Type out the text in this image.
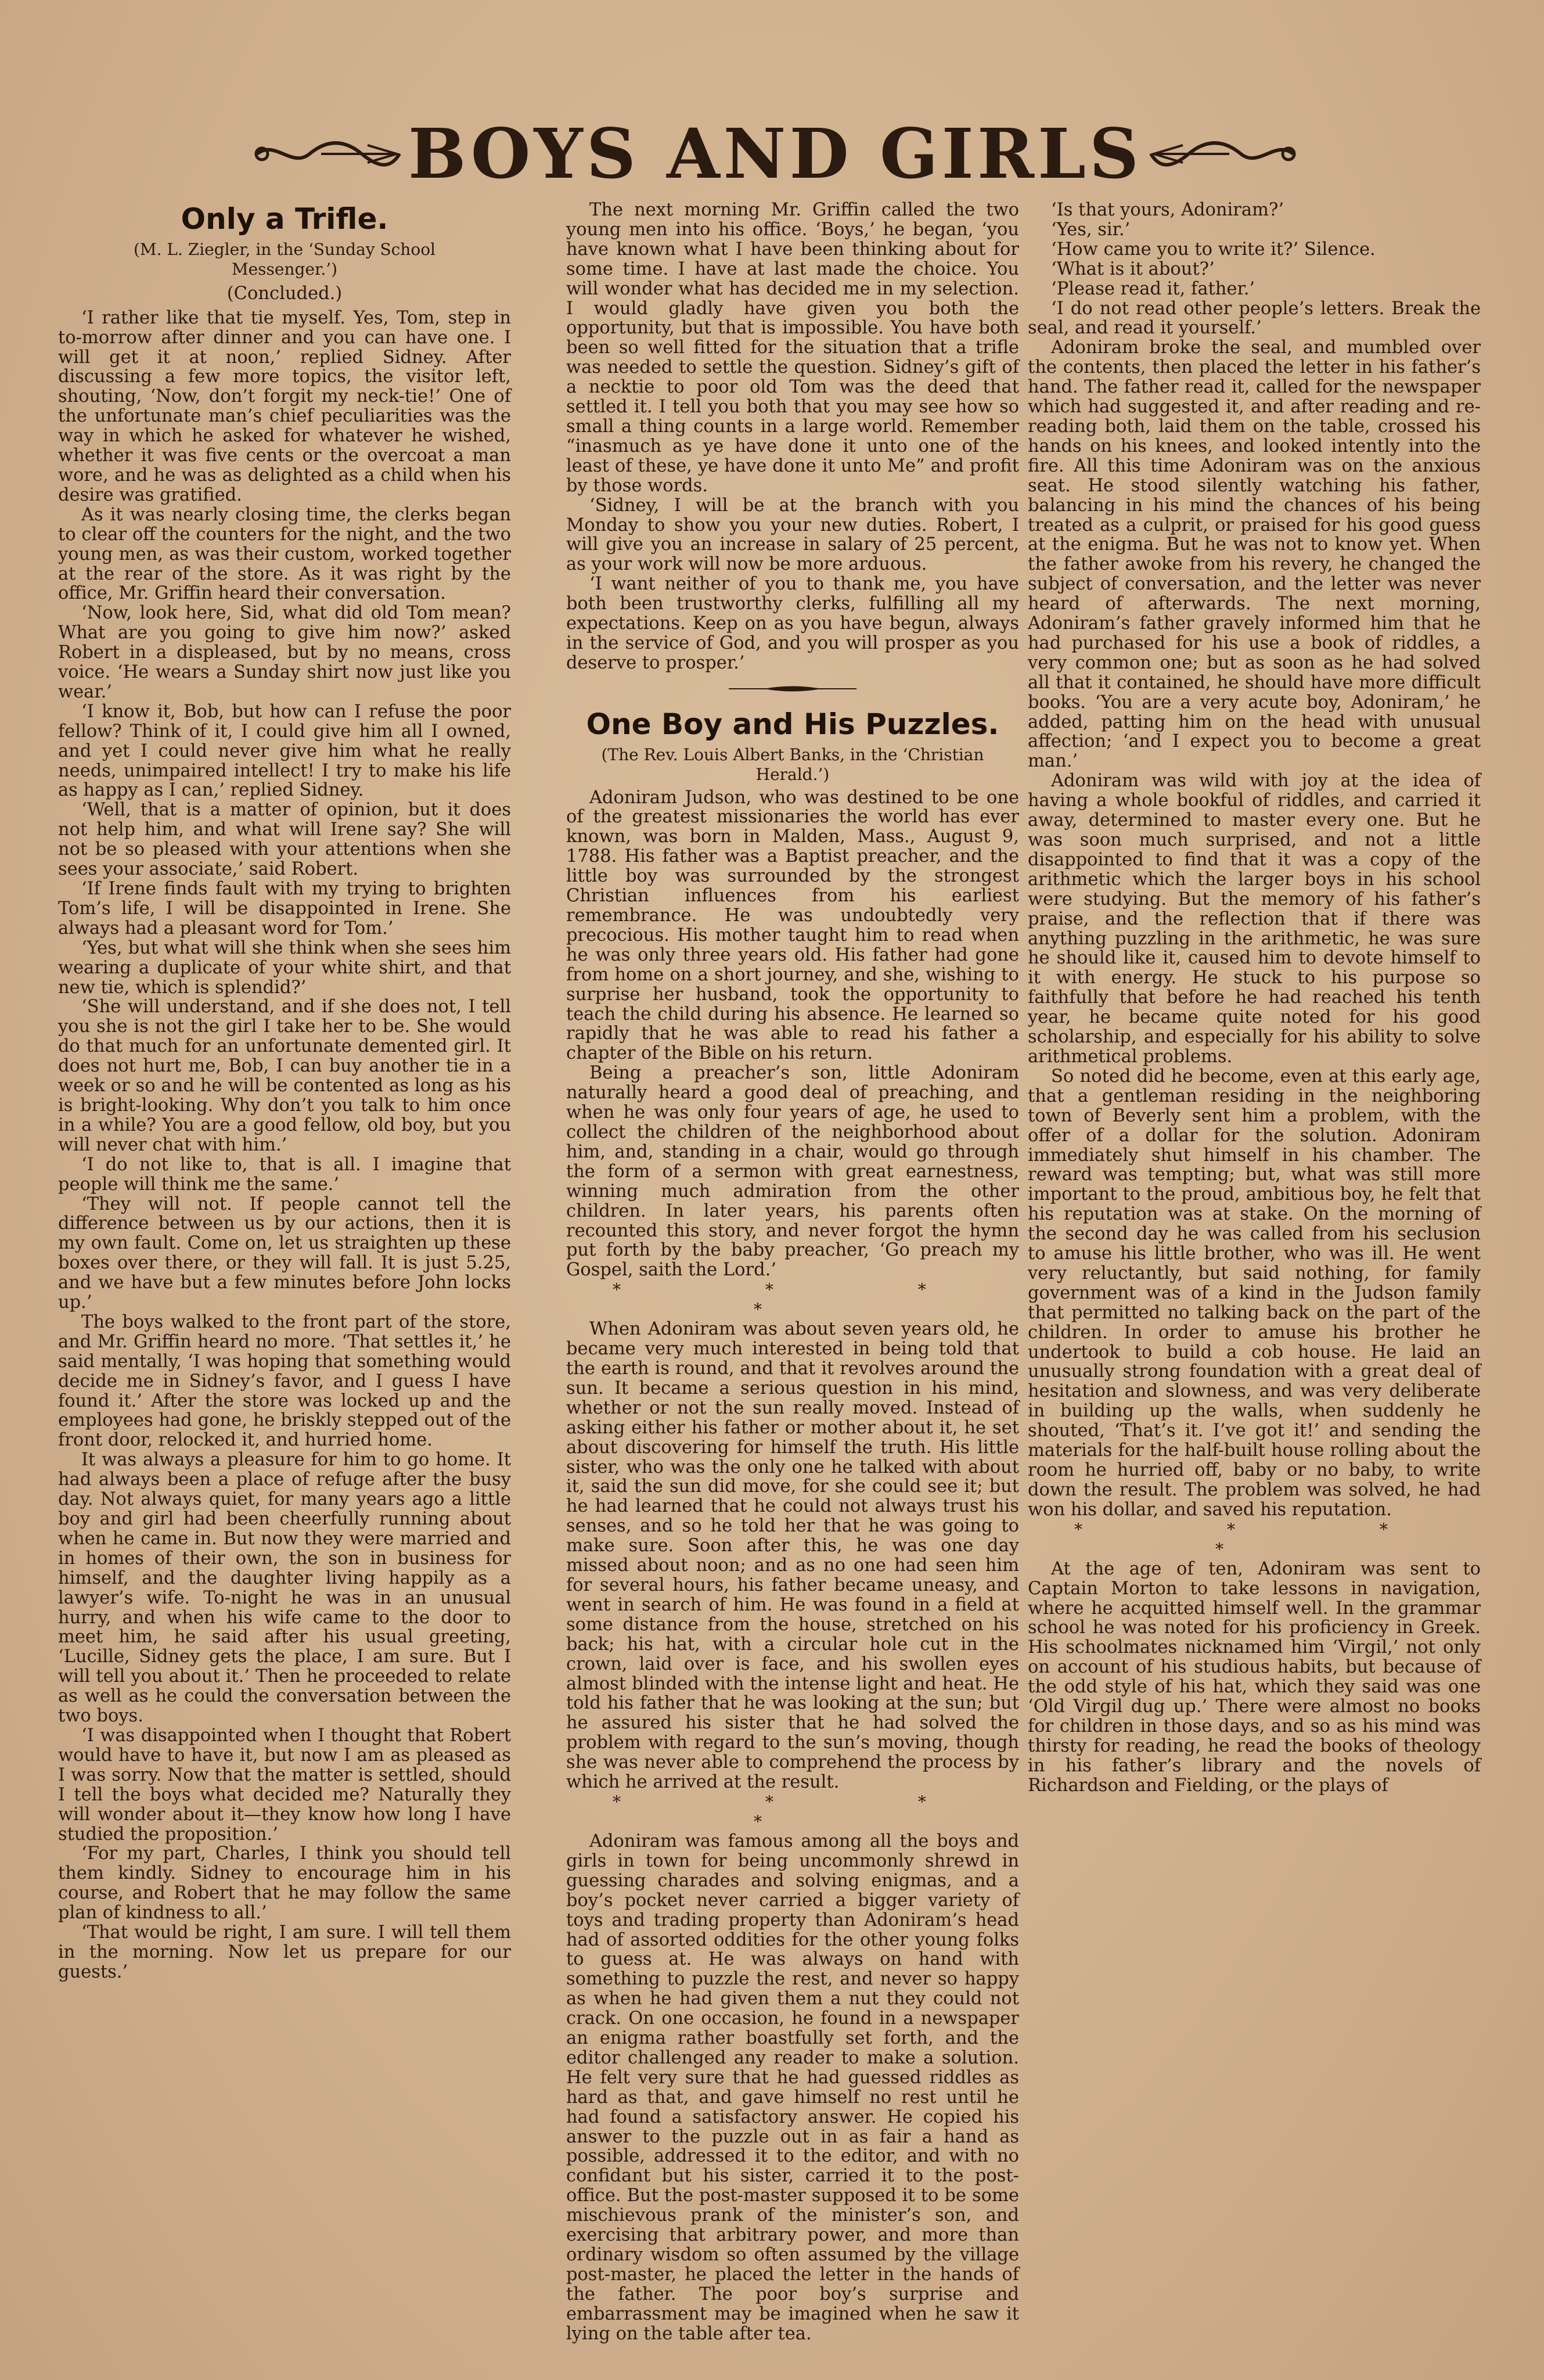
BOYS AND GIRLS
Only a Trifle.

(M. L. Ziegler, in the ‘Sunday School Messenger.’)

(Concluded.)

‘I rather like that tie myself. Yes, Tom, step in to-morrow after dinner and you can have one. I will get it at noon,’ replied Sidney. After discussing a few more topics, the visitor left, shouting, ‘Now, don’t forgit my neck-tie!’ One of the unfortunate man’s chief peculiarities was the way in which he asked for whatever he wished, whether it was five cents or the overcoat a man wore, and he was as delighted as a child when his desire was gratified.

As it was nearly closing time, the clerks began to clear off the counters for the night, and the two young men, as was their custom, worked together at the rear of the store. As it was right by the office, Mr. Griffin heard their conversation.

‘Now, look here, Sid, what did old Tom mean? What are you going to give him now?’ asked Robert in a displeased, but by no means, cross voice. ‘He wears a Sunday shirt now just like you wear.’

‘I know it, Bob, but how can I refuse the poor fellow? Think of it, I could give him all I owned, and yet I could never give him what he really needs, unimpaired intellect! I try to make his life as happy as I can,’ replied Sidney.

‘Well, that is a matter of opinion, but it does not help him, and what will Irene say? She will not be so pleased with your attentions when she sees your associate,’ said Robert.

‘If Irene finds fault with my trying to brighten Tom’s life, I will be disappointed in Irene. She always had a pleasant word for Tom.’

‘Yes, but what will she think when she sees him wearing a duplicate of your white shirt, and that new tie, which is splendid?’

‘She will understand, and if she does not, I tell you she is not the girl I take her to be. She would do that much for an unfortunate demented girl. It does not hurt me, Bob, I can buy another tie in a week or so and he will be contented as long as his is bright-looking. Why don’t you talk to him once in a while? You are a good fellow, old boy, but you will never chat with him.’

‘I do not like to, that is all. I imagine that people will think me the same.’

‘They will not. If people cannot tell the difference between us by our actions, then it is my own fault. Come on, let us straighten up these boxes over there, or they will fall. It is just 5.25, and we have but a few minutes before John locks up.’

The boys walked to the front part of the store, and Mr. Griffin heard no more. ‘That settles it,’ he said mentally, ‘I was hoping that something would decide me in Sidney’s favor, and I guess I have found it.’ After the store was locked up and the employees had gone, he briskly stepped out of the front door, relocked it, and hurried home.

It was always a pleasure for him to go home. It had always been a place of refuge after the busy day. Not always quiet, for many years ago a little boy and girl had been cheerfully running about when he came in. But now they were married and in homes of their own, the son in business for himself, and the daughter living happily as a lawyer’s wife. To-night he was in an unusual hurry, and when his wife came to the door to meet him, he said after his usual greeting, ‘Lucille, Sidney gets the place, I am sure. But I will tell you about it.’ Then he proceeded to relate as well as he could the conversation between the two boys.

‘I was disappointed when I thought that Robert would have to have it, but now I am as pleased as I was sorry. Now that the matter is settled, should I tell the boys what decided me? Naturally they will wonder about it—they know how long I have studied the proposition.’

‘For my part, Charles, I think you should tell them kindly. Sidney to encourage him in his course, and Robert that he may follow the same plan of kindness to all.’

‘That would be right, I am sure. I will tell them in the morning. Now let us prepare for our guests.’

The next morning Mr. Griffin called the two young men into his office. ‘Boys,’ he began, ‘you have known what I have been thinking about for some time. I have at last made the choice. You will wonder what has decided me in my selection. I would gladly have given you both the opportunity, but that is impossible. You have both been so well fitted for the situation that a trifle was needed to settle the question. Sidney’s gift of a necktie to poor old Tom was the deed that settled it. I tell you both that you may see how so small a thing counts in a large world. Remember “inasmuch as ye have done it unto one of the least of these, ye have done it unto Me” and profit by those words.

‘Sidney, I will be at the branch with you Monday to show you your new duties. Robert, I will give you an increase in salary of 25 percent, as your work will now be more arduous.

‘I want neither of you to thank me, you have both been trustworthy clerks, fulfilling all my expectations. Keep on as you have begun, always in the service of God, and you will prosper as you deserve to prosper.’

One Boy and His Puzzles.

(The Rev. Louis Albert Banks, in the ‘Christian Herald.’)

Adoniram Judson, who was destined to be one of the greatest missionaries the world has ever known, was born in Malden, Mass., August 9, 1788. His father was a Baptist preacher, and the little boy was surrounded by the strongest Christian influences from his earliest remembrance. He was undoubtedly very precocious. His mother taught him to read when he was only three years old. His father had gone from home on a short journey, and she, wishing to surprise her husband, took the opportunity to teach the child during his absence. He learned so rapidly that he was able to read his father a chapter of the Bible on his return.

Being a preacher’s son, little Adoniram naturally heard a good deal of preaching, and when he was only four years of age, he used to collect the children of the neighborhood about him, and, standing in a chair, would go through the form of a sermon with great earnestness, winning much admiration from the other children. In later years, his parents often recounted this story, and never forgot the hymn put forth by the baby preacher, ‘Go preach my Gospel, saith the Lord.’

* * * *

When Adoniram was about seven years old, he became very much interested in being told that the earth is round, and that it revolves around the sun. It became a serious question in his mind, whether or not the sun really moved. Instead of asking either his father or mother about it, he set about discovering for himself the truth. His little sister, who was the only one he talked with about it, said the sun did move, for she could see it; but he had learned that he could not always trust his senses, and so he told her that he was going to make sure. Soon after this, he was one day missed about noon; and as no one had seen him for several hours, his father became uneasy, and went in search of him. He was found in a field at some distance from the house, stretched on his back; his hat, with a circular hole cut in the crown, laid over is face, and his swollen eyes almost blinded with the intense light and heat. He told his father that he was looking at the sun; but he assured his sister that he had solved the problem with regard to the sun’s moving, though she was never able to comprehend the process by which he arrived at the result.

* * * *

Adoniram was famous among all the boys and girls in town for being uncommonly shrewd in guessing charades and solving enigmas, and a boy’s pocket never carried a bigger variety of toys and trading property than Adoniram’s head had of assorted oddities for the other young folks to guess at. He was always on hand with something to puzzle the rest, and never so happy as when he had given them a nut they could not crack. On one occasion, he found in a newspaper an enigma rather boastfully set forth, and the editor challenged any reader to make a solution. He felt very sure that he had guessed riddles as hard as that, and gave himself no rest until he had found a satisfactory answer. He copied his answer to the puzzle out in as fair a hand as possible, addressed it to the editor, and with no confidant but his sister, carried it to the post-office. But the post-master supposed it to be some mischievous prank of the minister’s son, and exercising that arbitrary power, and more than ordinary wisdom so often assumed by the village post-master, he placed the letter in the hands of the father. The poor boy’s surprise and embarrassment may be imagined when he saw it lying on the table after tea.

‘Is that yours, Adoniram?’

‘Yes, sir.’

‘How came you to write it?’ Silence.

‘What is it about?’

‘Please read it, father.’

‘I do not read other people’s letters. Break the seal, and read it yourself.’

Adoniram broke the seal, and mumbled over the contents, then placed the letter in his father’s hand. The father read it, called for the newspaper which had suggested it, and after reading and re-reading both, laid them on the table, crossed his hands on his knees, and looked intently into the fire. All this time Adoniram was on the anxious seat. He stood silently watching his father, balancing in his mind the chances of his being treated as a culprit, or praised for his good guess at the enigma. But he was not to know yet. When the father awoke from his revery, he changed the subject of conversation, and the letter was never heard of afterwards. The next morning, Adoniram’s father gravely informed him that he had purchased for his use a book of riddles, a very common one; but as soon as he had solved all that it contained, he should have more difficult books. ‘You are a very acute boy, Adoniram,’ he added, patting him on the head with unusual affection; ‘and I expect you to become a great man.’

Adoniram was wild with joy at the idea of having a whole bookful of riddles, and carried it away, determined to master every one. But he was soon much surprised, and not a little disappointed to find that it was a copy of the arithmetic which the larger boys in his school were studying. But the memory of his father’s praise, and the reflection that if there was anything puzzling in the arithmetic, he was sure he should like it, caused him to devote himself to it with energy. He stuck to his purpose so faithfully that before he had reached his tenth year, he became quite noted for his good scholarship, and especially for his ability to solve arithmetical problems.

So noted did he become, even at this early age, that a gentleman residing in the neighboring town of Beverly sent him a problem, with the offer of a dollar for the solution. Adoniram immediately shut himself in his chamber. The reward was tempting; but, what was still more important to the proud, ambitious boy, he felt that his reputation was at stake. On the morning of the second day he was called from his seclusion to amuse his little brother, who was ill. He went very reluctantly, but said nothing, for family government was of a kind in the Judson family that permitted no talking back on the part of the children. In order to amuse his brother he undertook to build a cob house. He laid an unusually strong foundation with a great deal of hesitation and slowness, and was very deliberate in building up the walls, when suddenly he shouted, ‘That’s it. I’ve got it!’ and sending the materials for the half-built house rolling about the room he hurried off, baby or no baby, to write down the result. The problem was solved, he had won his dollar, and saved his reputation.

* * * *

At the age of ten, Adoniram was sent to Captain Morton to take lessons in navigation, where he acquitted himself well. In the grammar school he was noted for his proficiency in Greek. His schoolmates nicknamed him ‘Virgil,’ not only on account of his studious habits, but because of the odd style of his hat, which they said was one ‘Old Virgil dug up.’ There were almost no books for children in those days, and so as his mind was thirsty for reading, he read the books of theology in his father’s library and the novels of Richardson and Fielding, or the plays of
